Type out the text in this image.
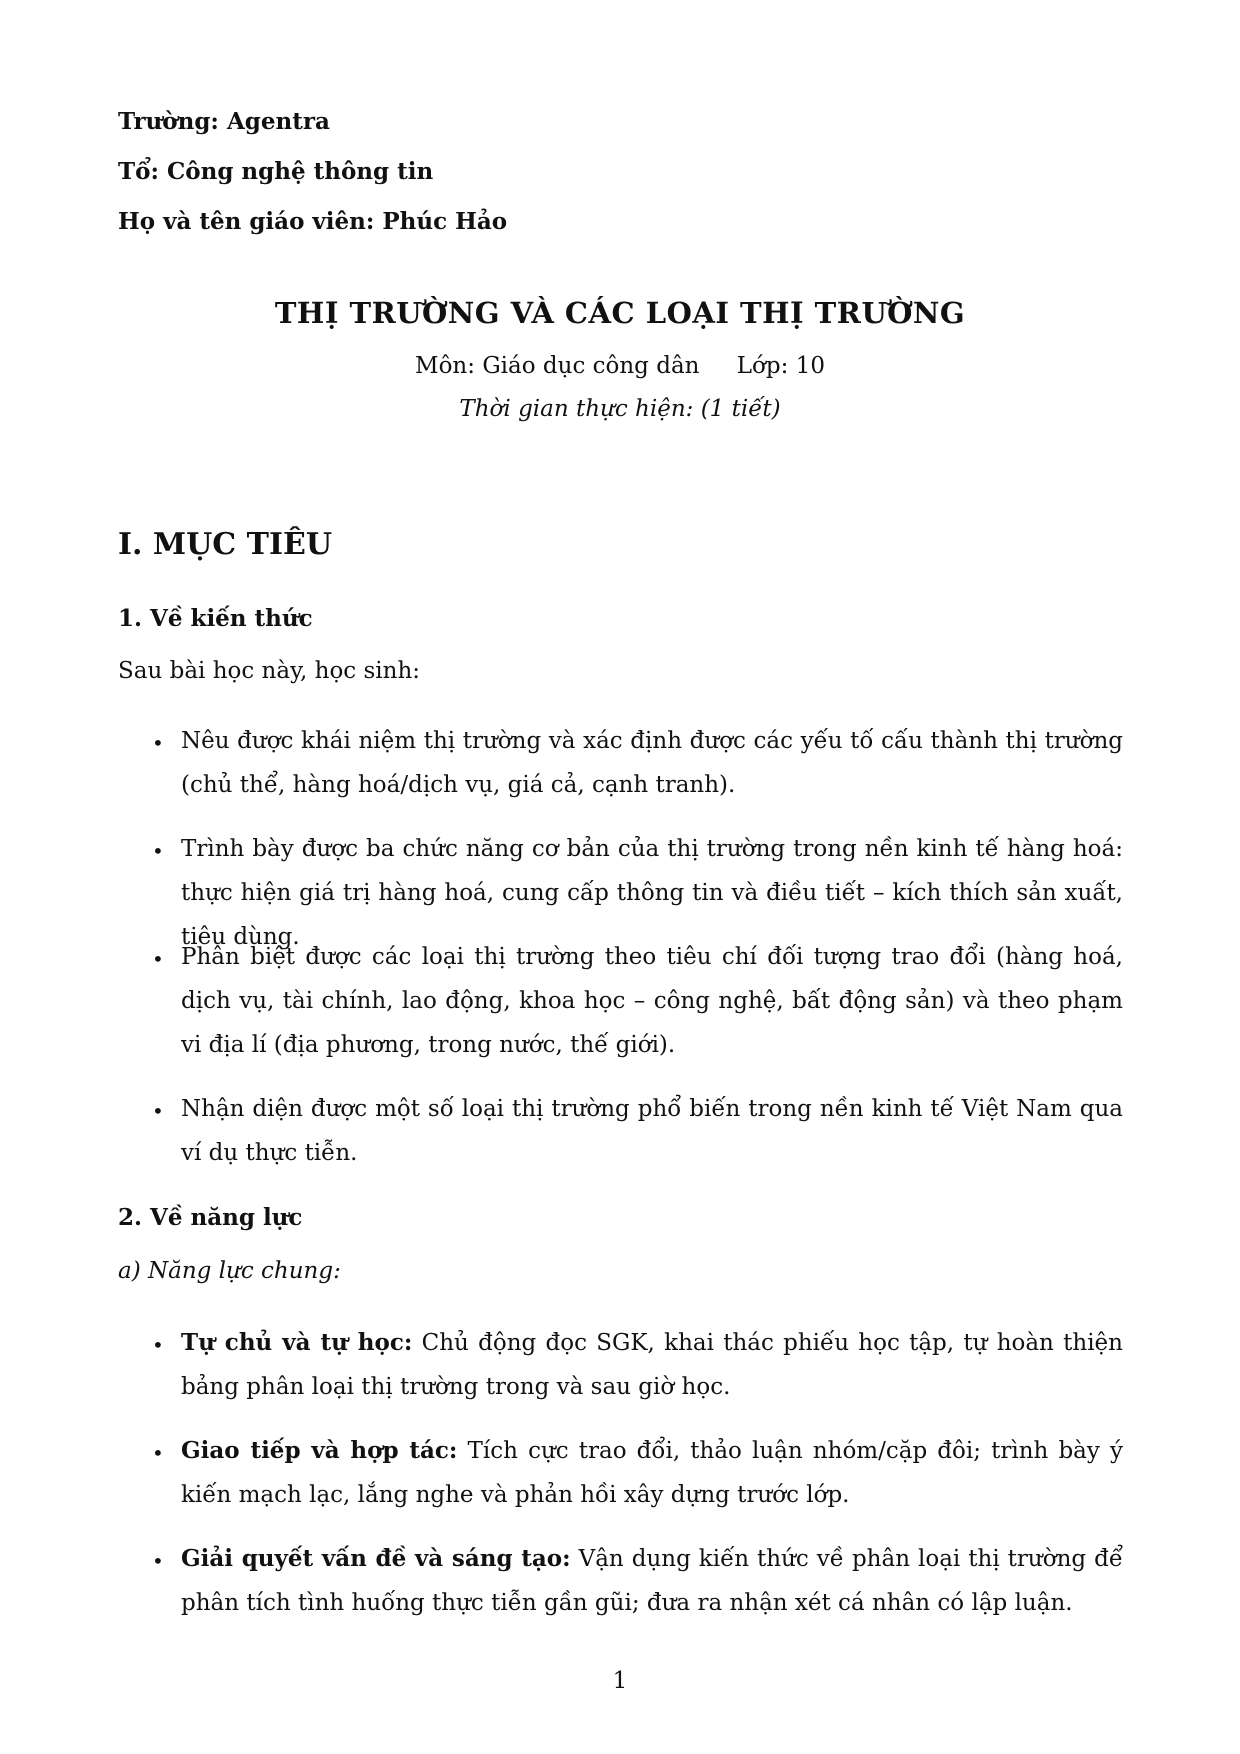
Trường: Agentra
Tổ: Công nghệ thông tin
Họ và tên giáo viên: Phúc Hảo
THỊ TRƯỜNG VÀ CÁC LOẠI THỊ TRƯỜNG
Môn: Giáo dục công dân Lớp: 10
Thời gian thực hiện: (1 tiết)
I. MỤC TIÊU
1. Về kiến thức
Sau bài học này, học sinh:
• Nêu được khái niệm thị trường và xác định được các yếu tố cấu thành thị trường (chủ thể, hàng hoá/dịch vụ, giá cả, cạnh tranh).
• Trình bày được ba chức năng cơ bản của thị trường trong nền kinh tế hàng hoá: thực hiện giá trị hàng hoá, cung cấp thông tin và điều tiết – kích thích sản xuất, tiêu dùng.
• Phân biệt được các loại thị trường theo tiêu chí đối tượng trao đổi (hàng hoá, dịch vụ, tài chính, lao động, khoa học – công nghệ, bất động sản) và theo phạm vi địa lí (địa phương, trong nước, thế giới).
• Nhận diện được một số loại thị trường phổ biến trong nền kinh tế Việt Nam qua ví dụ thực tiễn.
2. Về năng lực
a) Năng lực chung:
• Tự chủ và tự học: Chủ động đọc SGK, khai thác phiếu học tập, tự hoàn thiện bảng phân loại thị trường trong và sau giờ học.
• Giao tiếp và hợp tác: Tích cực trao đổi, thảo luận nhóm/cặp đôi; trình bày ý kiến mạch lạc, lắng nghe và phản hồi xây dựng trước lớp.
• Giải quyết vấn đề và sáng tạo: Vận dụng kiến thức về phân loại thị trường để phân tích tình huống thực tiễn gần gũi; đưa ra nhận xét cá nhân có lập luận.
1
